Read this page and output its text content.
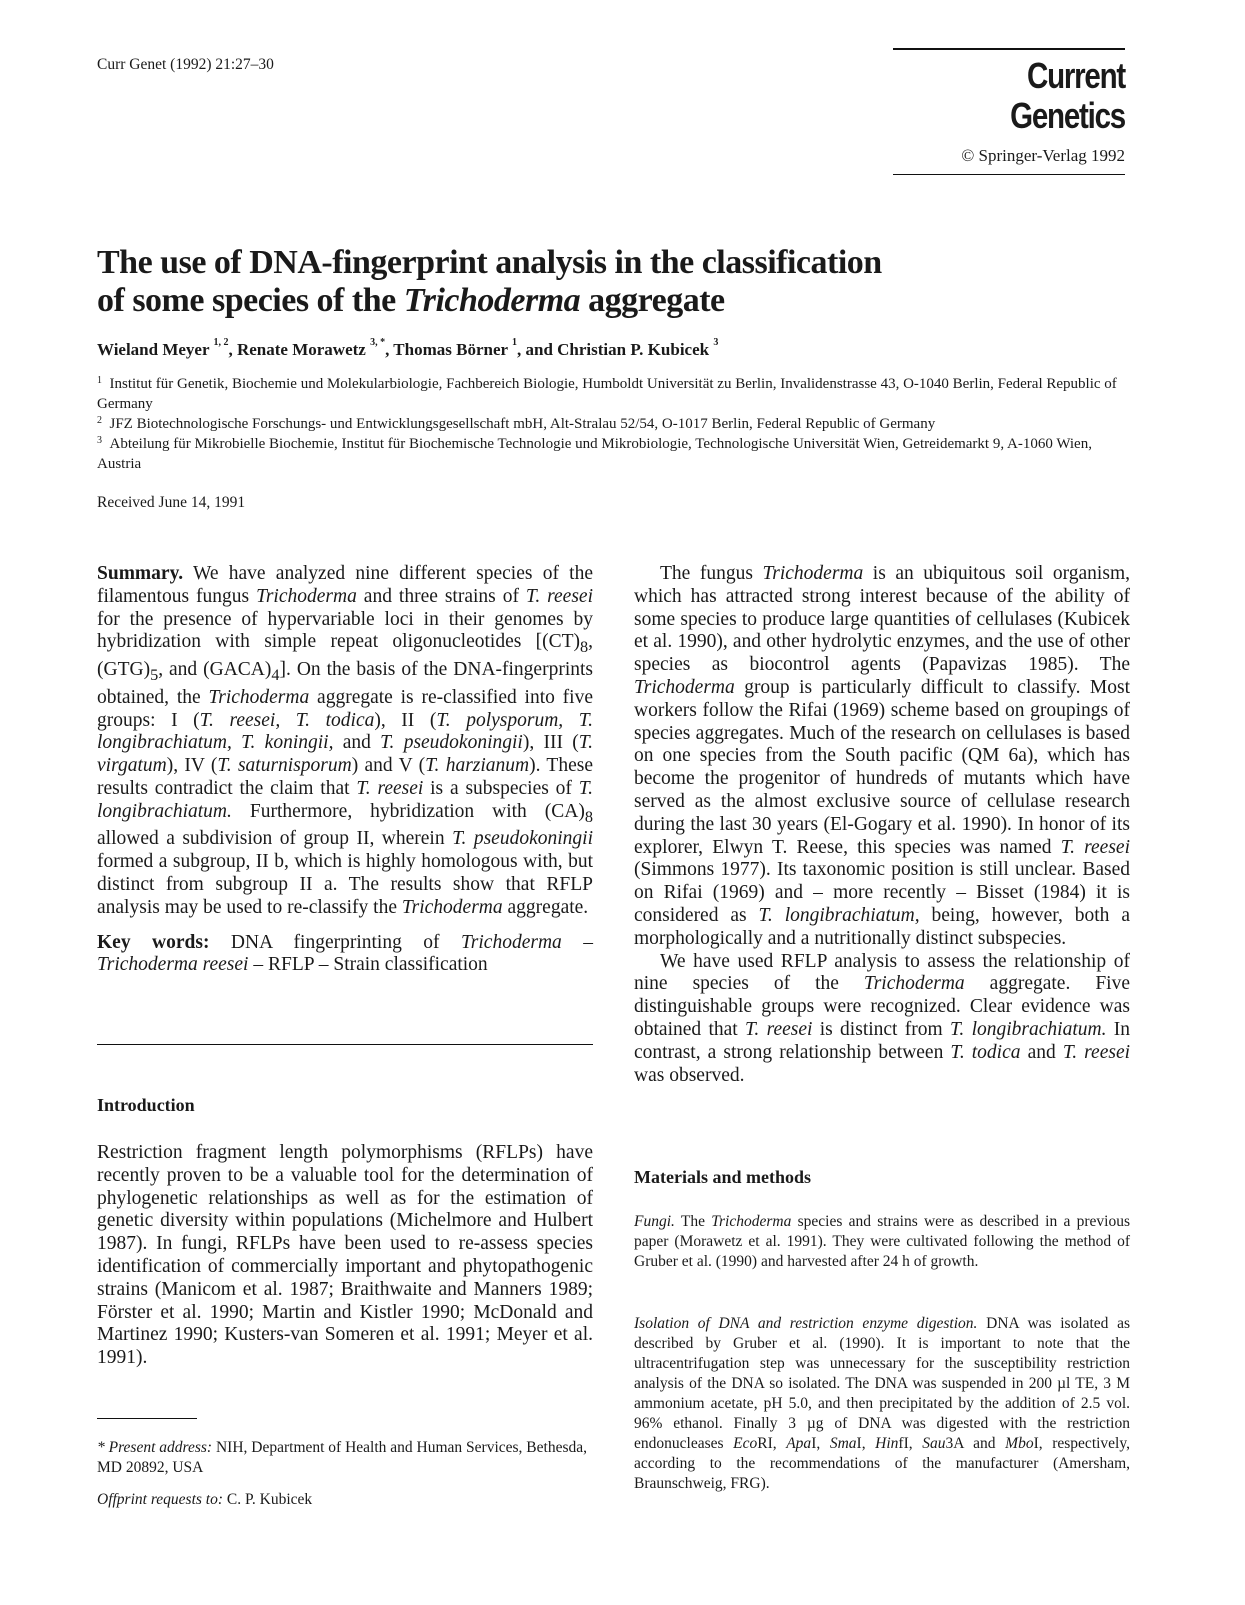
Curr Genet (1992) 21:27–30	Current Genetics
© Springer-Verlag 1992
The use of DNA-fingerprint analysis in the classification
of some species of the Trichoderma aggregate
Wieland Meyer $^{1, 2}$, Renate Morawetz $^{3, *}$, Thomas Börner $^1$, and Christian P. Kubicek $^3$

$^1$ Institut für Genetik, Biochemie und Molekularbiologie, Fachbereich Biologie, Humboldt Universität zu Berlin, Invalidenstrasse 43, O-1040 Berlin, Federal Republic of Germany

$^2$ JFZ Biotechnologische Forschungs- und Entwicklungsgesellschaft mbH, Alt-Stralau 52/54, O-1017 Berlin, Federal Republic of Germany

$^3$ Abteilung für Mikrobielle Biochemie, Institut für Biochemische Technologie und Mikrobiologie, Technologische Universität Wien, Getreidemarkt 9, A-1060 Wien, Austria

Received June 14, 1991

Summary. We have analyzed nine different species of the filamentous fungus Trichoderma and three strains of T. reesei for the presence of hypervariable loci in their genomes by hybridization with simple repeat oligonucleotides [$(CT)_8$, $(GTG)_5$, and $(GACA)_4$]. On the basis of the DNA-fingerprints obtained, the Trichoderma aggregate is re-classified into five groups: I (T. reesei, T. todica), II (T. polysporum, T. longibrachiatum, T. koningii, and T. pseudokoningii), III (T. virgatum), IV (T. saturnisporum) and V (T. harzianum). These results contradict the claim that T. reesei is a subspecies of T. longibrachiatum. Furthermore, hybridization with $(CA)_8$ allowed a subdivision of group II, wherein T. pseudokoningii formed a subgroup, II b, which is highly homologous with, but distinct from subgroup II a. The results show that RFLP analysis may be used to re-classify the Trichoderma aggregate.

Key words: DNA fingerprinting of Trichoderma – Trichoderma reesei – RFLP – Strain classification

Introduction
Restriction fragment length polymorphisms (RFLPs) have recently proven to be a valuable tool for the determination of phylogenetic relationships as well as for the estimation of genetic diversity within populations (Michelmore and Hulbert 1987). In fungi, RFLPs have been used to re-assess species identification of commercially important and phytopathogenic strains (Manicom et al. 1987; Braithwaite and Manners 1989; Förster et al. 1990; Martin and Kistler 1990; McDonald and Martinez 1990; Kusters-van Someren et al. 1991; Meyer et al. 1991).

* Present address: NIH, Department of Health and Human Services, Bethesda, MD 20892, USA

Offprint requests to: C. P. Kubicek

The fungus Trichoderma is an ubiquitous soil organism, which has attracted strong interest because of the ability of some species to produce large quantities of cellulases (Kubicek et al. 1990), and other hydrolytic enzymes, and the use of other species as biocontrol agents (Papavizas 1985). The Trichoderma group is particularly difficult to classify. Most workers follow the Rifai (1969) scheme based on groupings of species aggregates. Much of the research on cellulases is based on one species from the South pacific (QM 6a), which has become the progenitor of hundreds of mutants which have served as the almost exclusive source of cellulase research during the last 30 years (El-Gogary et al. 1990). In honor of its explorer, Elwyn T. Reese, this species was named T. reesei (Simmons 1977). Its taxonomic position is still unclear. Based on Rifai (1969) and – more recently – Bisset (1984) it is considered as T. longibrachiatum, being, however, both a morphologically and a nutritionally distinct subspecies.

We have used RFLP analysis to assess the relationship of nine species of the Trichoderma aggregate. Five distinguishable groups were recognized. Clear evidence was obtained that T. reesei is distinct from T. longibrachiatum. In contrast, a strong relationship between T. todica and T. reesei was observed.

Materials and methods
Fungi. The Trichoderma species and strains were as described in a previous paper (Morawetz et al. 1991). They were cultivated following the method of Gruber et al. (1990) and harvested after 24 h of growth.
Isolation of DNA and restriction enzyme digestion. DNA was isolated as described by Gruber et al. (1990). It is important to note that the ultracentrifugation step was unnecessary for the susceptibility restriction analysis of the DNA so isolated. The DNA was suspended in 200 µl TE, 3 M ammonium acetate, pH 5.0, and then precipitated by the addition of 2.5 vol. 96% ethanol. Finally 3 µg of DNA was digested with the restriction endonucleases EcoRI, ApaI, SmaI, HinfI, Sau3A and MboI, respectively, according to the recommendations of the manufacturer (Amersham, Braunschweig, FRG).
